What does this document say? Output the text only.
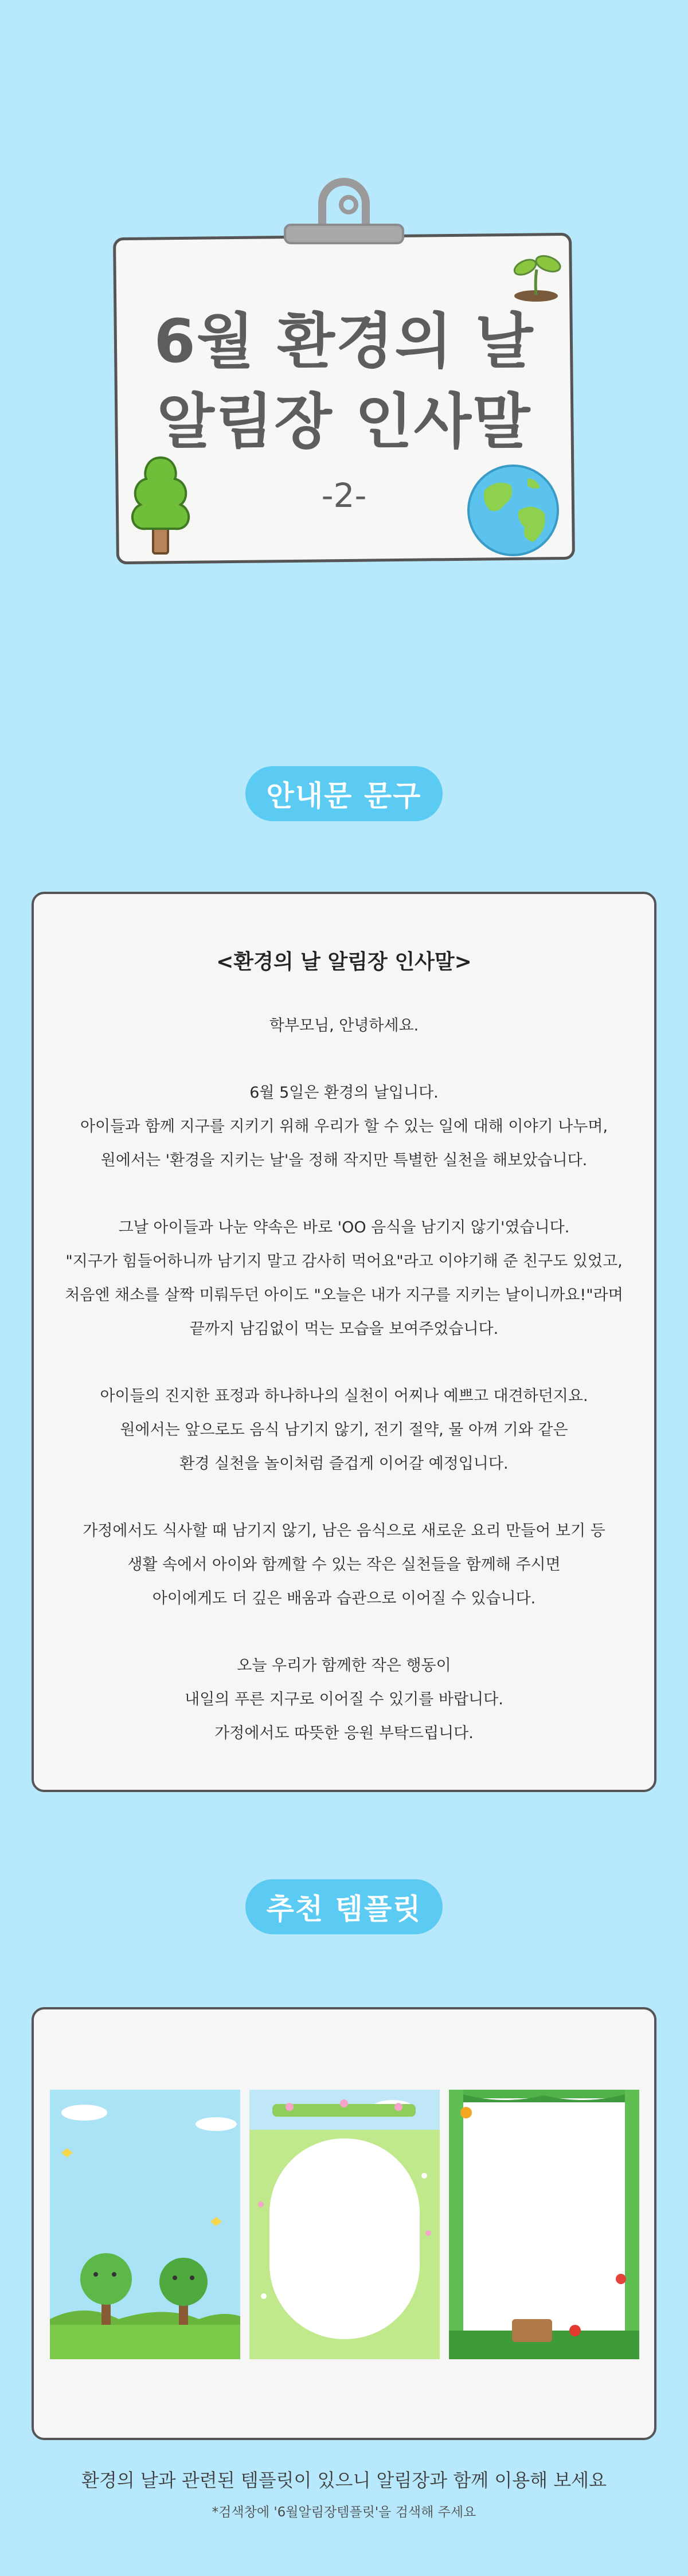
6월 환경의 날
알림장 인사말
-2-
안내문 문구
<환경의 날 알림장 인사말>

학부모님, 안녕하세요.

6월 5일은 환경의 날입니다.
아이들과 함께 지구를 지키기 위해 우리가 할 수 있는 일에 대해 이야기 나누며,
원에서는 '환경을 지키는 날'을 정해 작지만 특별한 실천을 해보았습니다.

그날 아이들과 나눈 약속은 바로 'OO 음식을 남기지 않기'였습니다.
"지구가 힘들어하니까 남기지 말고 감사히 먹어요"라고 이야기해 준 친구도 있었고,
처음엔 채소를 살짝 미뤄두던 아이도 "오늘은 내가 지구를 지키는 날이니까요!"라며
끝까지 남김없이 먹는 모습을 보여주었습니다.

아이들의 진지한 표정과 하나하나의 실천이 어찌나 예쁘고 대견하던지요.
원에서는 앞으로도 음식 남기지 않기, 전기 절약, 물 아껴 기와 같은
환경 실천을 놀이처럼 즐겁게 이어갈 예정입니다.

가정에서도 식사할 때 남기지 않기, 남은 음식으로 새로운 요리 만들어 보기 등
생활 속에서 아이와 함께할 수 있는 작은 실천들을 함께해 주시면
아이에게도 더 깊은 배움과 습관으로 이어질 수 있습니다.

오늘 우리가 함께한 작은 행동이
내일의 푸른 지구로 이어질 수 있기를 바랍니다.
가정에서도 따뜻한 응원 부탁드립니다.

추천 템플릿
환경의 날과 관련된 템플릿이 있으니 알림장과 함께 이용해 보세요
*검색창에 '6월알림장템플릿'을 검색해 주세요
